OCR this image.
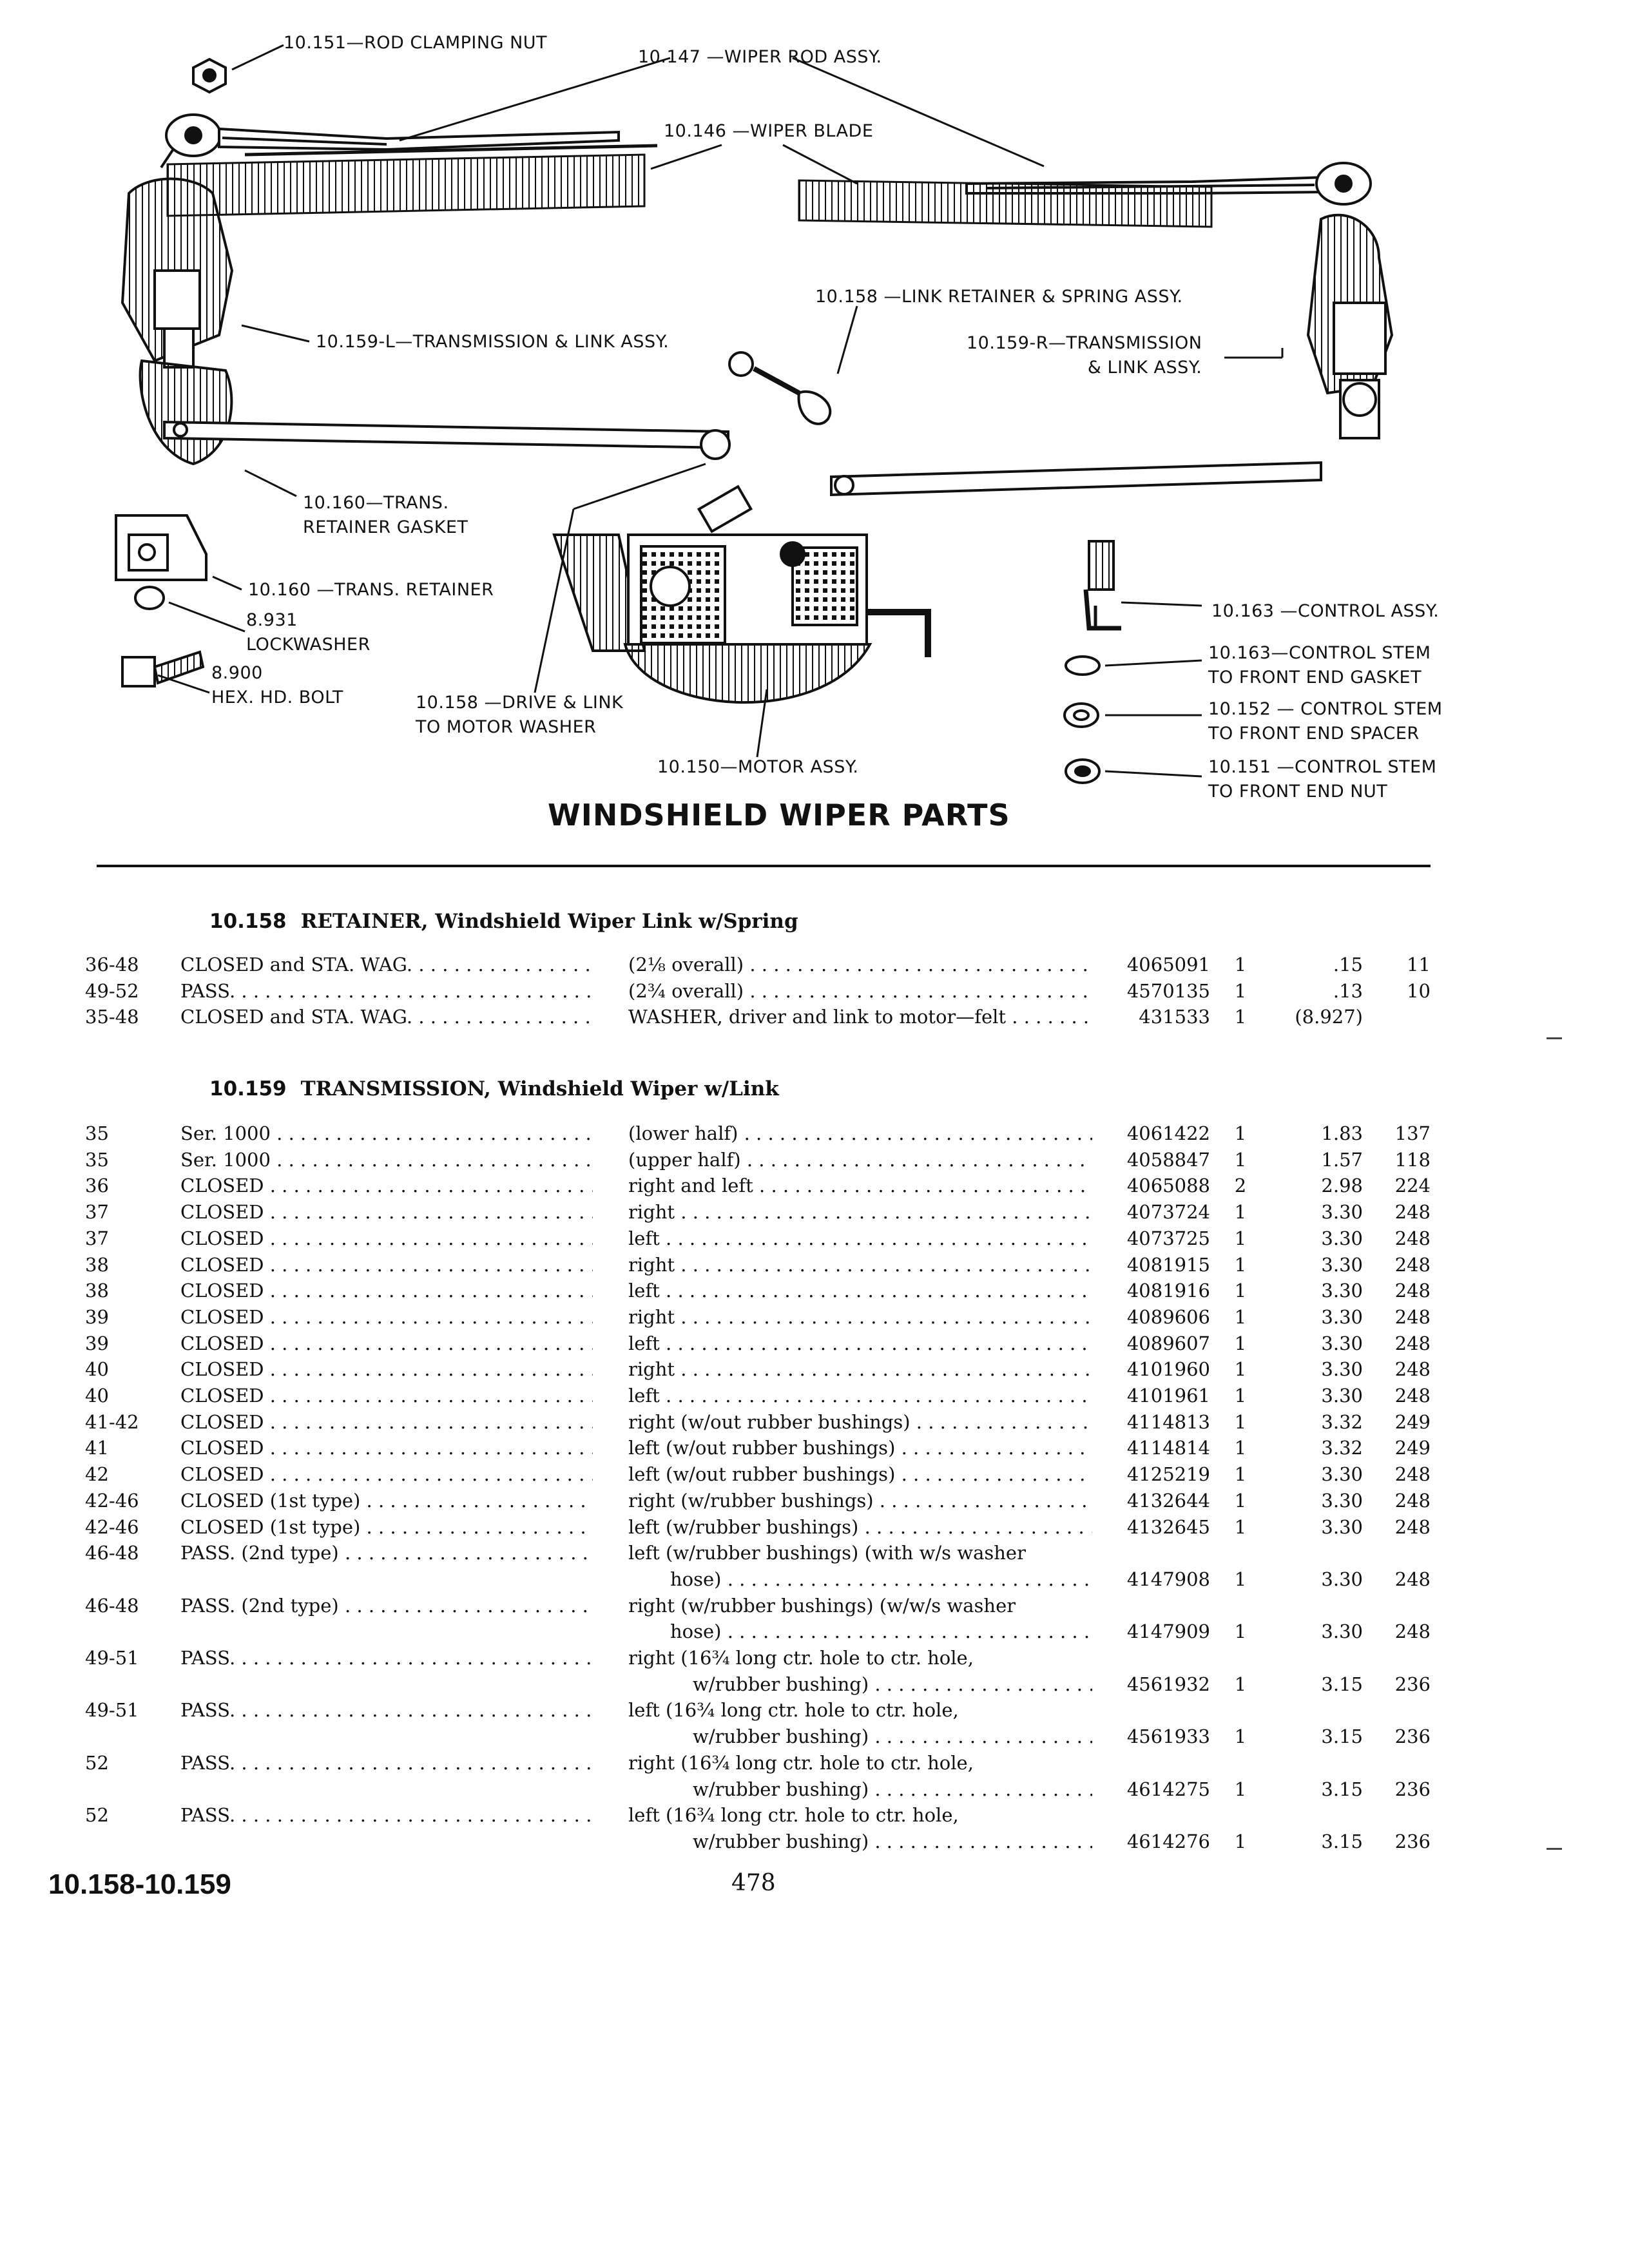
10.151—ROD CLAMPING NUT
10.147 —WIPER ROD ASSY.
10.146 —WIPER BLADE
10.158 —LINK RETAINER & SPRING ASSY.
10.159-L—TRANSMISSION & LINK ASSY.	10.159-R—TRANSMISSION
& LINK ASSY.
10.160—TRANS.
RETAINER GASKET
10.160 —TRANS. RETAINER
8.931
LOCKWASHER
8.900
HEX. HD. BOLT	10.158 —DRIVE & LINK
TO MOTOR WASHER
10.150—MOTOR ASSY.
10.163 —CONTROL ASSY.
10.163—CONTROL STEM
TO FRONT END GASKET
10.152 — CONTROL STEM
TO FRONT END SPACER
10.151 —CONTROL STEM
TO FRONT END NUT
WINDSHIELD WIPER PARTS
10.158 RETAINER, Windshield Wiper Link w/Spring
10.159 TRANSMISSION, Windshield Wiper w/Link
36-48	CLOSED and STA. WAG. . . .	(2⅛ overall) . . .	4065091	1	.15	11
49-52	PASS. . . .	(2¾ overall) . . .	4570135	1	.13	10
35-48	CLOSED and STA. WAG. . . .	WASHER, driver and link to motor—felt . . .	431533	1	(8.927)
35	Ser. 1000 . . .	(lower half) . . .	4061422	1	1.83	137
35	Ser. 1000 . . .	(upper half) . . .	4058847	1	1.57	118
36	CLOSED . . .	right and left . . .	4065088	2	2.98	224
37	CLOSED . . .	right . . .	4073724	1	3.30	248
37	CLOSED . . .	left . . .	4073725	1	3.30	248
38	CLOSED . . .	right . . .	4081915	1	3.30	248
38	CLOSED . . .	left . . .	4081916	1	3.30	248
39	CLOSED . . .	right . . .	4089606	1	3.30	248
39	CLOSED . . .	left . . .	4089607	1	3.30	248
40	CLOSED . . .	right . . .	4101960	1	3.30	248
40	CLOSED . . .	left . . .	4101961	1	3.30	248
41-42	CLOSED . . .	right (w/out rubber bushings) . . .	4114813	1	3.32	249
41	CLOSED . . .	left (w/out rubber bushings) . . .	4114814	1	3.32	249
42	CLOSED . . .	left (w/out rubber bushings) . . .	4125219	1	3.30	248
42-46	CLOSED (1st type) . . .	right (w/rubber bushings) . . .	4132644	1	3.30	248
42-46	CLOSED (1st type) . . .	left (w/rubber bushings) . . .	4132645	1	3.30	248
46-48	PASS. (2nd type) . . .	left (w/rubber bushings) (with w/s washer
hose) . . .	4147908	1	3.30	248
46-48	PASS. (2nd type) . . .	right (w/rubber bushings) (w/w/s washer
hose) . . .	4147909	1	3.30	248
49-51	PASS. . . .	right (16¾ long ctr. hole to ctr. hole,
w/rubber bushing) . . .	4561932	1	3.15	236
49-51	PASS. . . .	left (16¾ long ctr. hole to ctr. hole,
w/rubber bushing) . . .	4561933	1	3.15	236
52	PASS. . . .	right (16¾ long ctr. hole to ctr. hole,
w/rubber bushing) . . .	4614275	1	3.15	236
52	PASS. . . .	left (16¾ long ctr. hole to ctr. hole,
w/rubber bushing) . . .	4614276	1	3.15	236
10.158-10.159	478
